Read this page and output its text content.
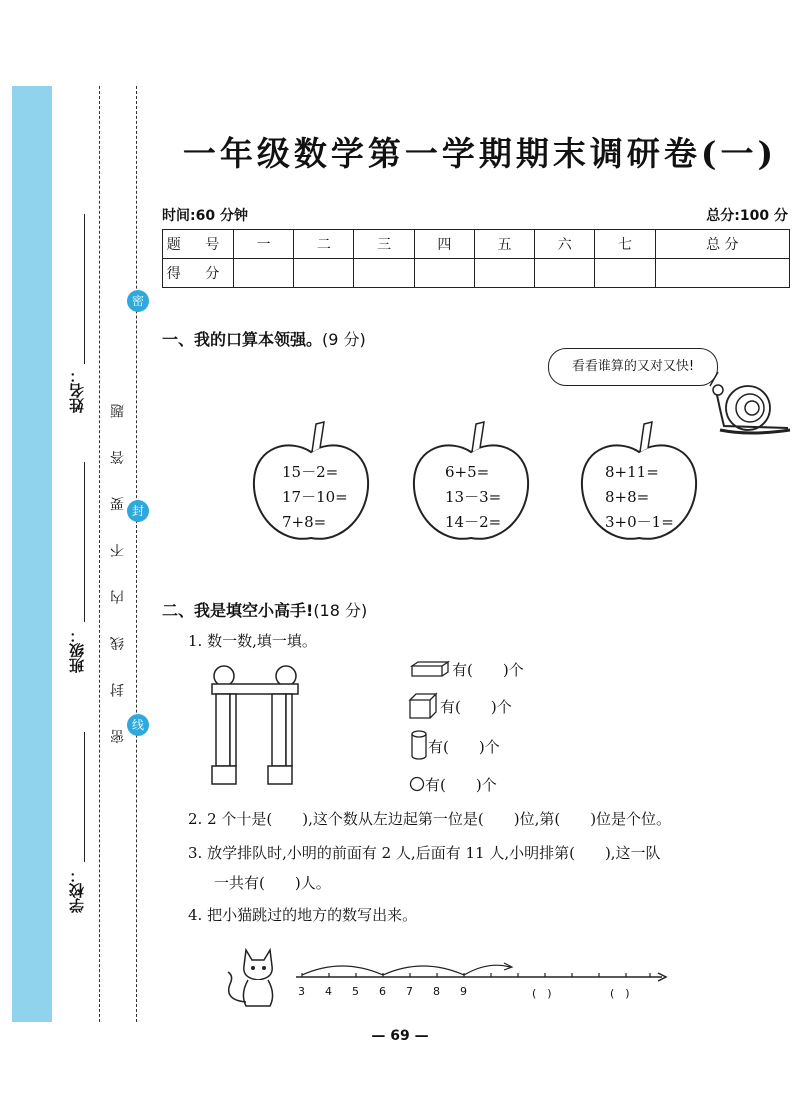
学校：
班级：
姓名： 密 封 线 内 不 要 答 题
密
封
线
一年级数学第一学期期末调研卷(一)
时间:60 分钟	总分:100 分
题 号	一	二	三	四	五	六	七	总 分
得 分								
一、我的口算本领强。(9 分)
看看谁算的又对又快!
15－2=
17－10=
7+8=
6+5=
13－3=
14－2=
8+11=
8+8=
3+0－1=
二、我是填空小高手!(18 分)
1. 数一数,填一填。
有(　　)个
有(　　)个
有(　　)个
有(　　)个
2. 2 个十是(　　),这个数从左边起第一位是(　　)位,第(　　)位是个位。
3. 放学排队时,小明的前面有 2 人,后面有 11 人,小明排第(　　),这一队
一共有(　　)人。
4. 把小猫跳过的地方的数写出来。
3 4 5 6 7 8 9	(　)	(　)
— 69 —
